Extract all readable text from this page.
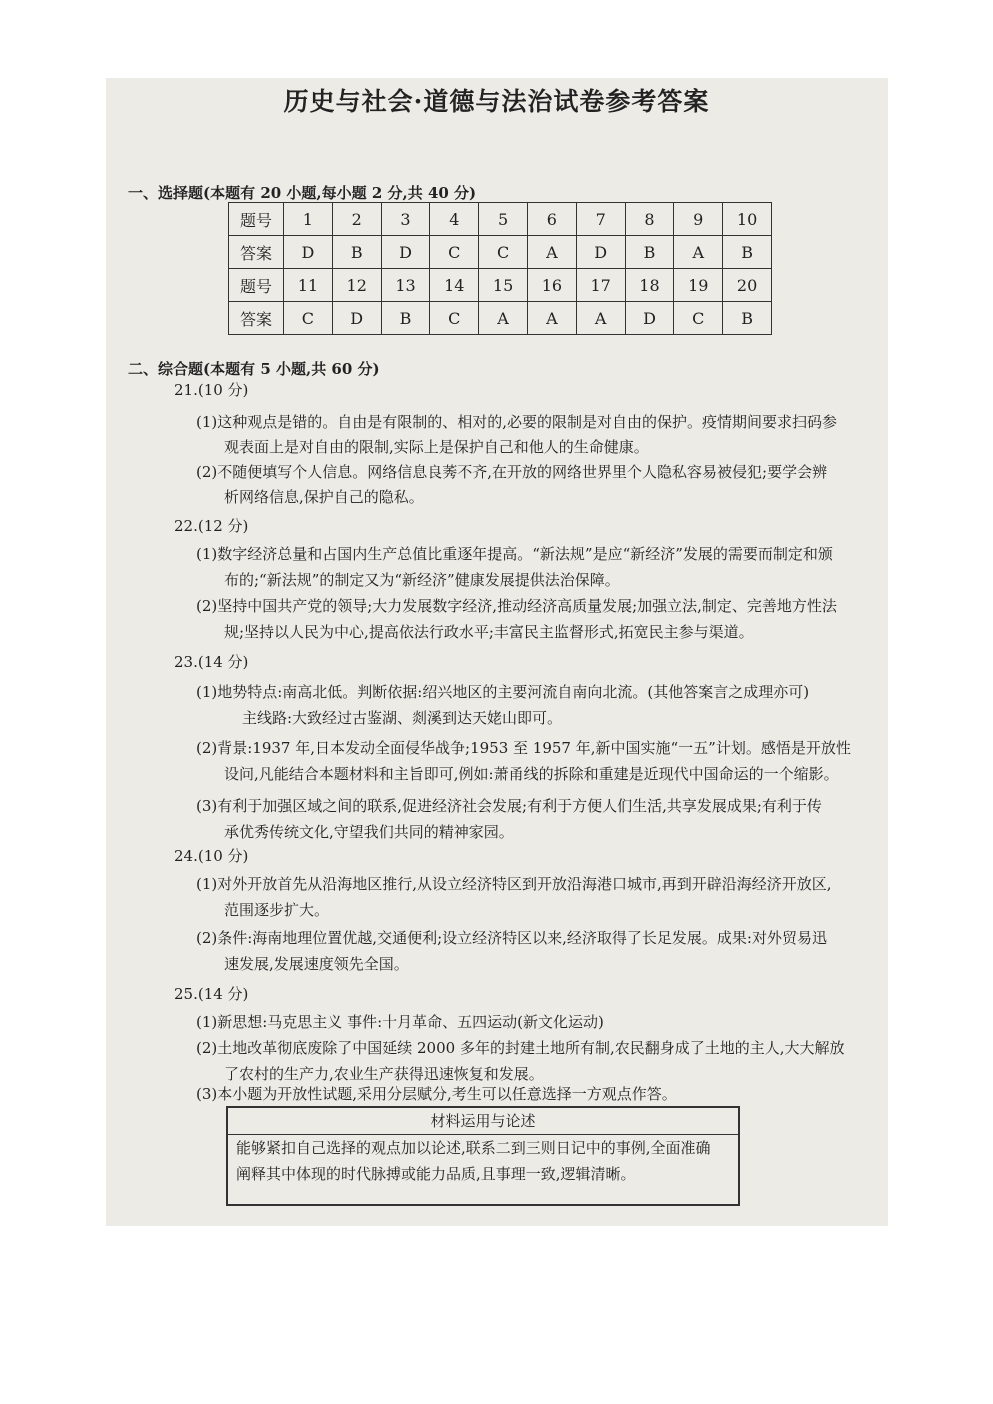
历史与社会·道德与法治试卷参考答案
一、选择题(本题有 20 小题,每小题 2 分,共 40 分)
题号	1	2	3	4	5	6	7	8	9	10
答案	D	B	D	C	C	A	D	B	A	B
题号	11	12	13	14	15	16	17	18	19	20
答案	C	D	B	C	A	A	A	D	C	B
二、综合题(本题有 5 小题,共 60 分)
21.(10 分)
(1)这种观点是错的。自由是有限制的、相对的,必要的限制是对自由的保护。疫情期间要求扫码参
观表面上是对自由的限制,实际上是保护自己和他人的生命健康。
(2)不随便填写个人信息。网络信息良莠不齐,在开放的网络世界里个人隐私容易被侵犯;要学会辨
析网络信息,保护自己的隐私。
22.(12 分)
(1)数字经济总量和占国内生产总值比重逐年提高。“新法规”是应“新经济”发展的需要而制定和颁
布的;“新法规”的制定又为“新经济”健康发展提供法治保障。
(2)坚持中国共产党的领导;大力发展数字经济,推动经济高质量发展;加强立法,制定、完善地方性法
规;坚持以人民为中心,提高依法行政水平;丰富民主监督形式,拓宽民主参与渠道。
23.(14 分)
(1)地势特点:南高北低。判断依据:绍兴地区的主要河流自南向北流。(其他答案言之成理亦可)
主线路:大致经过古鉴湖、剡溪到达天姥山即可。
(2)背景:1937 年,日本发动全面侵华战争;1953 至 1957 年,新中国实施“一五”计划。感悟是开放性
设问,凡能结合本题材料和主旨即可,例如:萧甬线的拆除和重建是近现代中国命运的一个缩影。
(3)有利于加强区域之间的联系,促进经济社会发展;有利于方便人们生活,共享发展成果;有利于传
承优秀传统文化,守望我们共同的精神家园。
24.(10 分)
(1)对外开放首先从沿海地区推行,从设立经济特区到开放沿海港口城市,再到开辟沿海经济开放区,
范围逐步扩大。
(2)条件:海南地理位置优越,交通便利;设立经济特区以来,经济取得了长足发展。成果:对外贸易迅
速发展,发展速度领先全国。
25.(14 分)
(1)新思想:马克思主义 事件:十月革命、五四运动(新文化运动)
(2)土地改革彻底废除了中国延续 2000 多年的封建土地所有制,农民翻身成了土地的主人,大大解放
了农村的生产力,农业生产获得迅速恢复和发展。
(3)本小题为开放性试题,采用分层赋分,考生可以任意选择一方观点作答。
材料运用与论述
能够紧扣自己选择的观点加以论述,联系二到三则日记中的事例,全面准确
阐释其中体现的时代脉搏或能力品质,且事理一致,逻辑清晰。
